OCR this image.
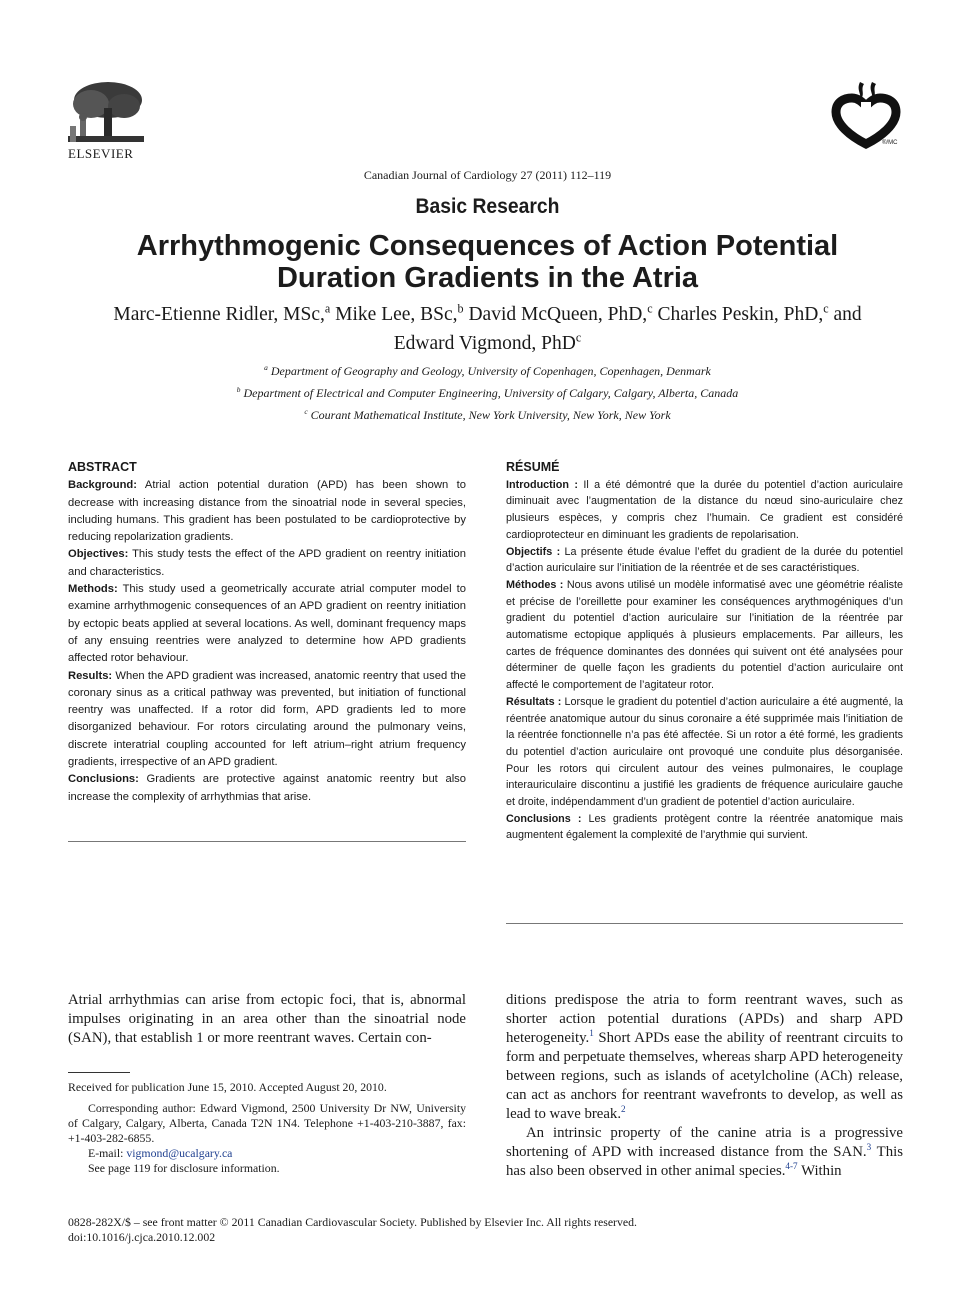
ELSEVIER
®/MC
Canadian Journal of Cardiology 27 (2011) 112–119
Basic Research
Arrhythmogenic Consequences of Action Potential Duration Gradients in the Atria
Marc-Etienne Ridler, MSc,$^a$ Mike Lee, BSc,$^b$ David McQueen, PhD,$^c$ Charles Peskin, PhD,$^c$ and
Edward Vigmond, PhD$^c$
$^a$ Department of Geography and Geology, University of Copenhagen, Copenhagen, Denmark
$^b$ Department of Electrical and Computer Engineering, University of Calgary, Calgary, Alberta, Canada
$^c$ Courant Mathematical Institute, New York University, New York, New York
ABSTRACT

Background: Atrial action potential duration (APD) has been shown to decrease with increasing distance from the sinoatrial node in several species, including humans. This gradient has been postulated to be cardioprotective by reducing repolarization gradients.

Objectives: This study tests the effect of the APD gradient on reentry initiation and characteristics.

Methods: This study used a geometrically accurate atrial computer model to examine arrhythmogenic consequences of an APD gradient on reentry initiation by ectopic beats applied at several locations. As well, dominant frequency maps of any ensuing reentries were analyzed to determine how APD gradients affected rotor behaviour.

Results: When the APD gradient was increased, anatomic reentry that used the coronary sinus as a critical pathway was prevented, but initiation of functional reentry was unaffected. If a rotor did form, APD gradients led to more disorganized behaviour. For rotors circulating around the pulmonary veins, discrete interatrial coupling accounted for left atrium–right atrium frequency gradients, irrespective of an APD gradient.

Conclusions: Gradients are protective against anatomic reentry but also increase the complexity of arrhythmias that arise.

RÉSUMÉ

Introduction : Il a été démontré que la durée du potentiel d’action auriculaire diminuait avec l’augmentation de la distance du nœud sino-auriculaire chez plusieurs espèces, y compris chez l’humain. Ce gradient est considéré cardioprotecteur en diminuant les gradients de repolarisation.

Objectifs : La présente étude évalue l’effet du gradient de la durée du potentiel d’action auriculaire sur l’initiation de la réentrée et de ses caractéristiques.

Méthodes : Nous avons utilisé un modèle informatisé avec une géométrie réaliste et précise de l’oreillette pour examiner les conséquences arythmogéniques d’un gradient du potentiel d’action auriculaire sur l’initiation de la réentrée par automatisme ectopique appliqués à plusieurs emplacements. Par ailleurs, les cartes de fréquence dominantes des données qui suivent ont été analysées pour déterminer de quelle façon les gradients du potentiel d’action auriculaire ont affecté le comportement de l’agitateur rotor.

Résultats : Lorsque le gradient du potentiel d’action auriculaire a été augmenté, la réentrée anatomique autour du sinus coronaire a été supprimée mais l’initiation de la réentrée fonctionnelle n’a pas été affectée. Si un rotor a été formé, les gradients du potentiel d’action auriculaire ont provoqué une conduite plus désorganisée. Pour les rotors qui circulent autour des veines pulmonaires, le couplage interauriculaire discontinu a justifié les gradients de fréquence auriculaire gauche et droite, indépendamment d’un gradient de potentiel d’action auriculaire.

Conclusions : Les gradients protègent contre la réentrée anatomique mais augmentent également la complexité de l’arythmie qui survient.

Atrial arrhythmias can arise from ectopic foci, that is, abnormal impulses originating in an area other than the sinoatrial node (SAN), that establish 1 or more reentrant waves. Certain con-

Received for publication June 15, 2010. Accepted August 20, 2010.

Corresponding author: Edward Vigmond, 2500 University Dr NW, University of Calgary, Calgary, Alberta, Canada T2N 1N4. Telephone +1-403-210-3887, fax: +1-403-282-6855.

E-mail: vigmond@ucalgary.ca

See page 119 for disclosure information.

ditions predispose the atria to form reentrant waves, such as shorter action potential durations (APDs) and sharp APD heterogeneity.$^1$ Short APDs ease the ability of reentrant circuits to form and perpetuate themselves, whereas sharp APD heterogeneity between regions, such as islands of acetylcholine (ACh) release, can act as anchors for reentrant wavefronts to develop, as well as lead to wave break.$^2$

An intrinsic property of the canine atria is a progressive shortening of APD with increased distance from the SAN.$^3$ This has also been observed in other animal species.$^{4-7}$ Within

0828-282X/$ – see front matter © 2011 Canadian Cardiovascular Society. Published by Elsevier Inc. All rights reserved.
doi:10.1016/j.cjca.2010.12.002
